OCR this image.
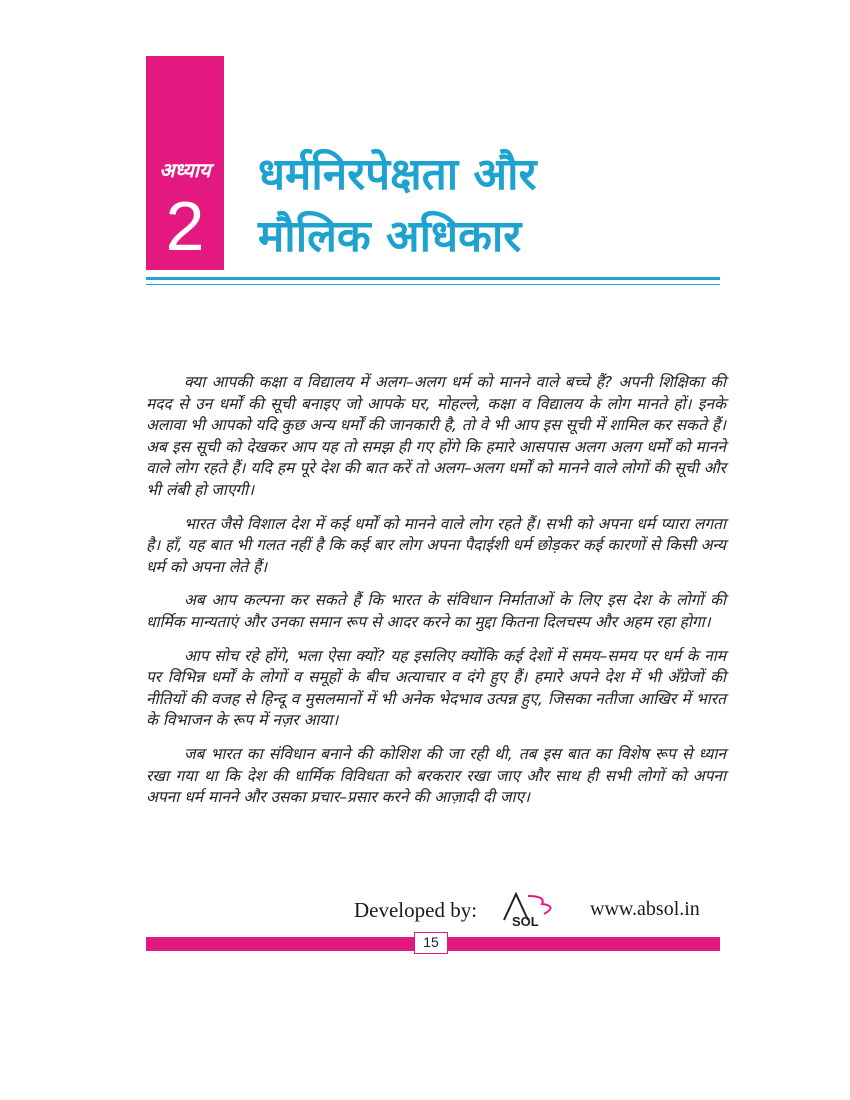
अध्याय
2
धर्मनिरपेक्षता और
मौलिक अधिकार

क्या आपकी कक्षा व विद्यालय में अलग–अलग धर्म को मानने वाले बच्चे हैं? अपनी शिक्षिका की मदद से उन धर्मों की सूची बनाइए जो आपके घर, मोहल्ले, कक्षा व विद्यालय के लोग मानते हों। इनके अलावा भी आपको यदि कुछ अन्य धर्मों की जानकारी है, तो वे भी आप इस सूची में शामिल कर सकते हैं। अब इस सूची को देखकर आप यह तो समझ ही गए होंगे कि हमारे आसपास अलग अलग धर्मों को मानने वाले लोग रहते हैं। यदि हम पूरे देश की बात करें तो अलग–अलग धर्मों को मानने वाले लोगों की सूची और भी लंबी हो जाएगी।

भारत जैसे विशाल देश में कई धर्मों को मानने वाले लोग रहते हैं। सभी को अपना धर्म प्यारा लगता है। हाँ, यह बात भी गलत नहीं है कि कई बार लोग अपना पैदाईशी धर्म छोड़कर कई कारणों से किसी अन्य धर्म को अपना लेते हैं।

अब आप कल्पना कर सकते हैं कि भारत के संविधान निर्माताओं के लिए इस देश के लोगों की धार्मिक मान्यताएं और उनका समान रूप से आदर करने का मुद्दा कितना दिलचस्प और अहम रहा होगा।

आप सोच रहे होंगे, भला ऐसा क्यों? यह इसलिए क्योंकि कई देशों में समय–समय पर धर्म के नाम पर विभिन्न धर्मों के लोगों व समूहों के बीच अत्याचार व दंगे हुए हैं। हमारे अपने देश में भी अँग्रेजों की नीतियों की वजह से हिन्दू व मुसलमानों में भी अनेक भेदभाव उत्पन्न हुए, जिसका नतीजा आखिर में भारत के विभाजन के रूप में नज़र आया।

जब भारत का संविधान बनाने की कोशिश की जा रही थी, तब इस बात का विशेष रूप से ध्यान रखा गया था कि देश की धार्मिक विविधता को बरकरार रखा जाए और साथ ही सभी लोगों को अपना अपना धर्म मानने और उसका प्रचार–प्रसार करने की आज़ादी दी जाए।

Developed by:	SOL
www.absol.in
15
